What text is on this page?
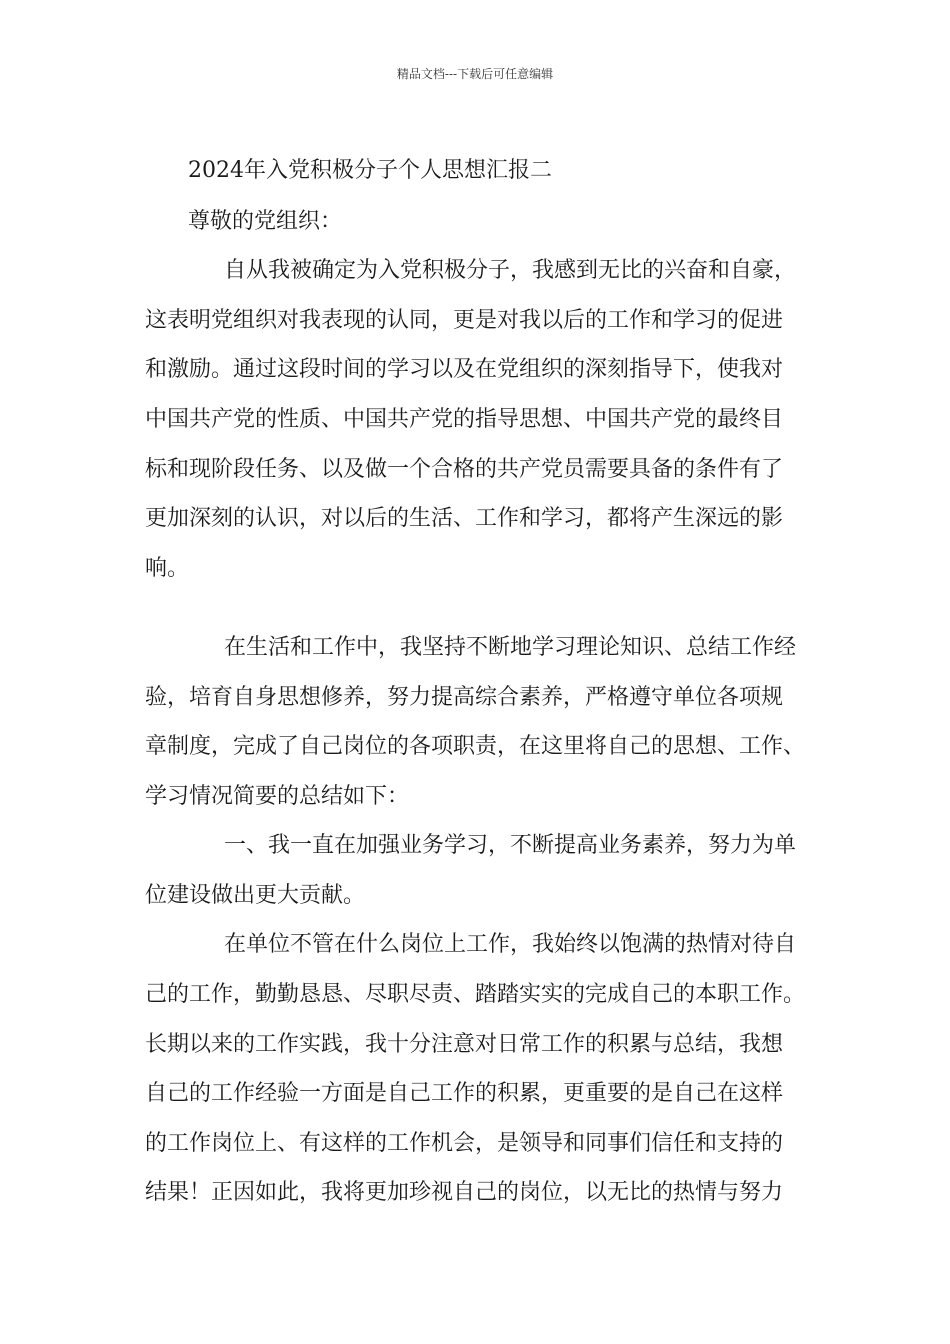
精品文档---下载后可任意编辑
2024年入党积极分子个人思想汇报二
尊敬的党组织：
自从我被确定为入党积极分子，我感到无比的兴奋和自豪，
这表明党组织对我表现的认同，更是对我以后的工作和学习的促进
和激励。通过这段时间的学习以及在党组织的深刻指导下，使我对
中国共产党的性质、中国共产党的指导思想、中国共产党的最终目
标和现阶段任务、以及做一个合格的共产党员需要具备的条件有了
更加深刻的认识，对以后的生活、工作和学习，都将产生深远的影
响。
在生活和工作中，我坚持不断地学习理论知识、总结工作经
验，培育自身思想修养，努力提高综合素养，严格遵守单位各项规
章制度，完成了自己岗位的各项职责，在这里将自己的思想、工作、
学习情况简要的总结如下：
一、我一直在加强业务学习，不断提高业务素养，努力为单
位建设做出更大贡献。
在单位不管在什么岗位上工作，我始终以饱满的热情对待自
己的工作，勤勤恳恳、尽职尽责、踏踏实实的完成自己的本职工作。
长期以来的工作实践，我十分注意对日常工作的积累与总结，我想
自己的工作经验一方面是自己工作的积累，更重要的是自己在这样
的工作岗位上、有这样的工作机会，是领导和同事们信任和支持的
结果！正因如此，我将更加珍视自己的岗位，以无比的热情与努力
